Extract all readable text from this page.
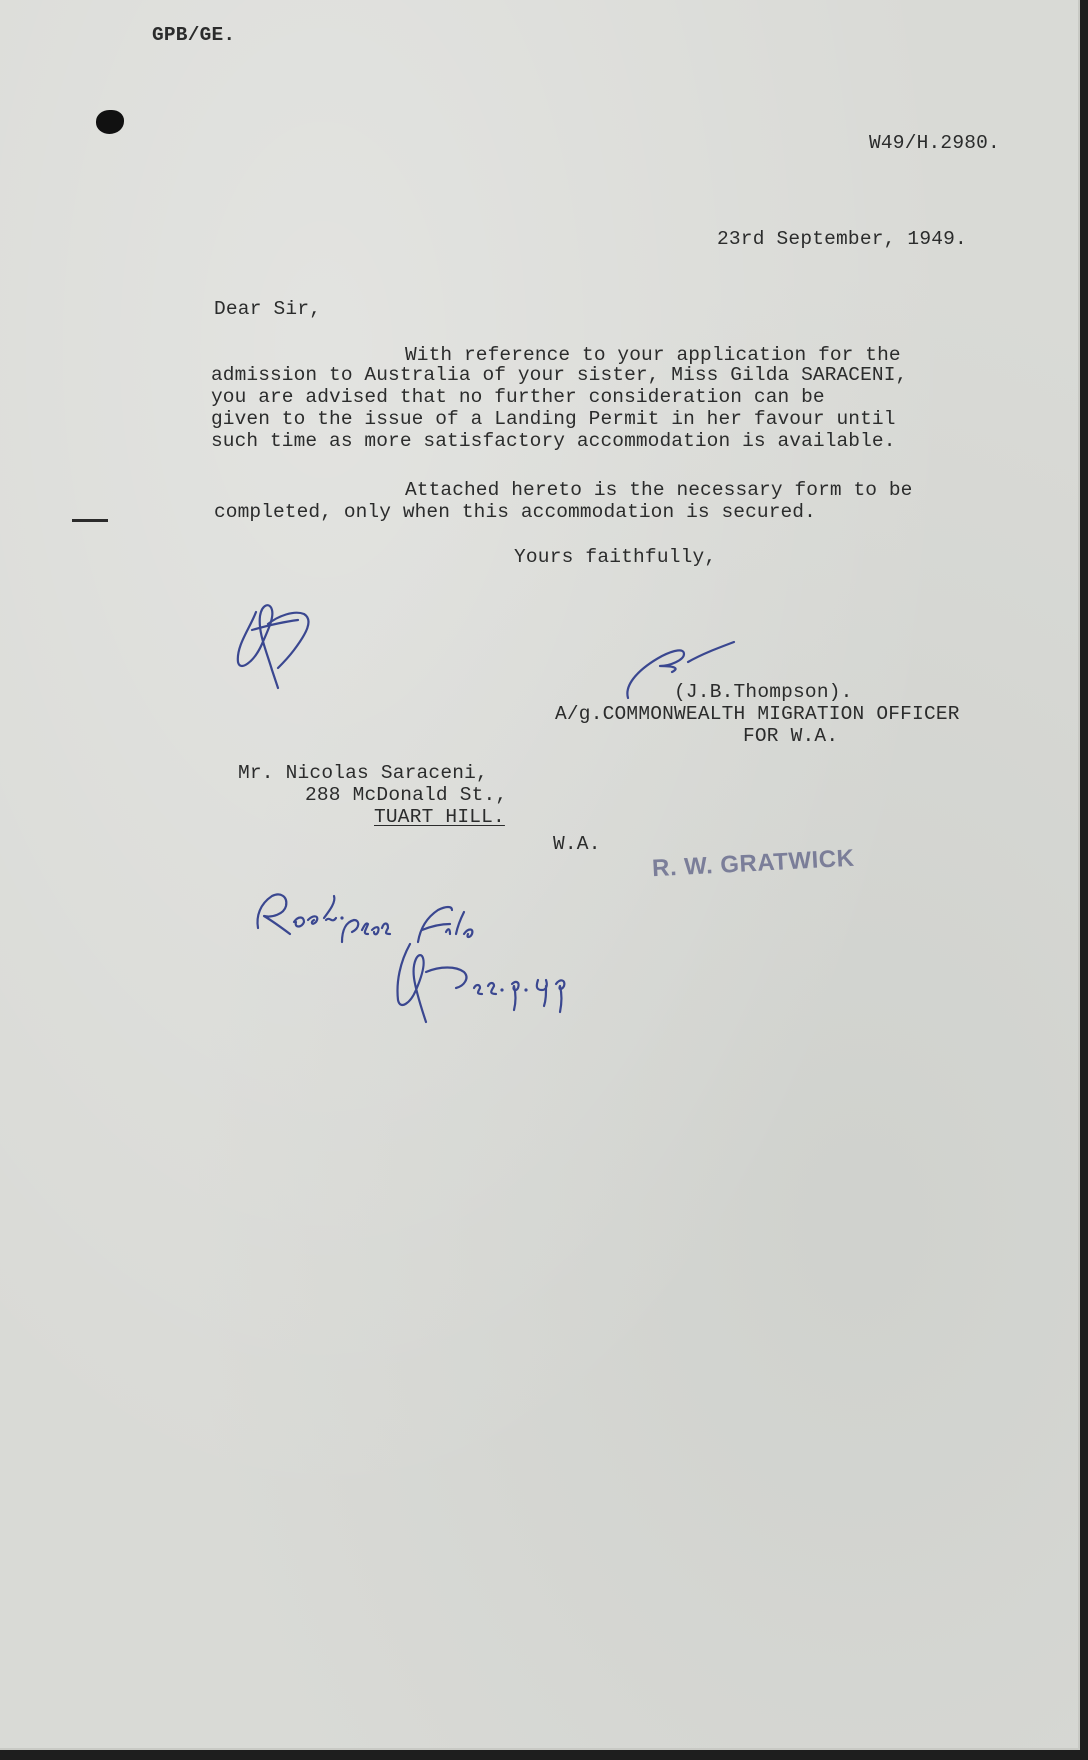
GPB/GE.
W49/H.2980.
23rd September, 1949.
Dear Sir,
With reference to your application for the
admission to Australia of your sister, Miss Gilda SARACENI,
you are advised that no further consideration can be
given to the issue of a Landing Permit in her favour until
such time as more satisfactory accommodation is available.
Attached hereto is the necessary form to be
completed, only when this accommodation is secured.
Yours faithfully,
(J.B.Thompson).
A/g.COMMONWEALTH MIGRATION OFFICER
FOR W.A.
Mr. Nicolas Saraceni,
288 McDonald St.,
TUART HILL.
W.A.
R. W. GRATWICK
